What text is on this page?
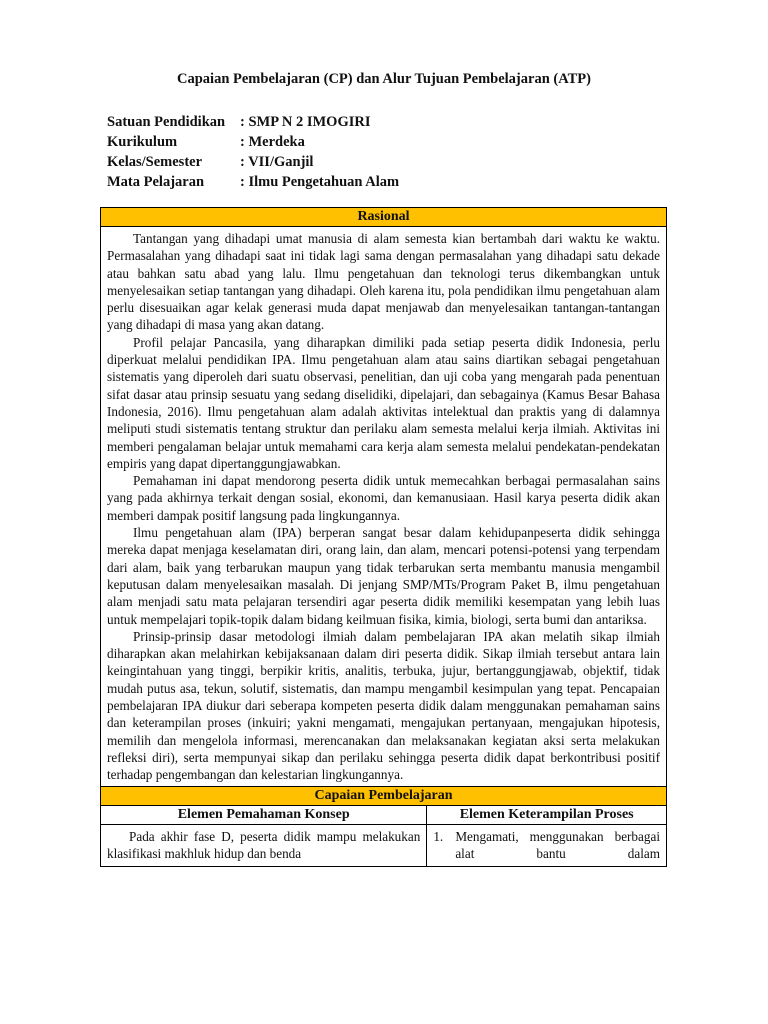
Capaian Pembelajaran (CP) dan Alur Tujuan Pembelajaran (ATP)
Satuan Pendidikan	: SMP N 2 IMOGIRI
Kurikulum	: Merdeka
Kelas/Semester	: VII/Ganjil
Mata Pelajaran	: Ilmu Pengetahuan Alam
Rasional	

Tantangan yang dihadapi umat manusia di alam semesta kian bertambah dari waktu ke waktu. Permasalahan yang dihadapi saat ini tidak lagi sama dengan permasalahan yang dihadapi satu dekade atau bahkan satu abad yang lalu. Ilmu pengetahuan dan teknologi terus dikembangkan untuk menyelesaikan setiap tantangan yang dihadapi. Oleh karena itu, pola pendidikan ilmu pengetahuan alam perlu disesuaikan agar kelak generasi muda dapat menjawab dan menyelesaikan tantangan-tantangan yang dihadapi di masa yang akan datang.

Profil pelajar Pancasila, yang diharapkan dimiliki pada setiap peserta didik Indonesia, perlu diperkuat melalui pendidikan IPA. Ilmu pengetahuan alam atau sains diartikan sebagai pengetahuan sistematis yang diperoleh dari suatu observasi, penelitian, dan uji coba yang mengarah pada penentuan sifat dasar atau prinsip sesuatu yang sedang diselidiki, dipelajari, dan sebagainya (Kamus Besar Bahasa Indonesia, 2016). Ilmu pengetahuan alam adalah aktivitas intelektual dan praktis yang di dalamnya meliputi studi sistematis tentang struktur dan perilaku alam semesta melalui kerja ilmiah. Aktivitas ini memberi pengalaman belajar untuk memahami cara kerja alam semesta melalui pendekatan-pendekatan empiris yang dapat dipertanggungjawabkan.

Pemahaman ini dapat mendorong peserta didik untuk memecahkan berbagai permasalahan sains yang pada akhirnya terkait dengan sosial, ekonomi, dan kemanusiaan. Hasil karya peserta didik akan memberi dampak positif langsung pada lingkungannya.

Ilmu pengetahuan alam (IPA) berperan sangat besar dalam kehidupanpeserta didik sehingga mereka dapat menjaga keselamatan diri, orang lain, dan alam, mencari potensi-potensi yang terpendam dari alam, baik yang terbarukan maupun yang tidak terbarukan serta membantu manusia mengambil keputusan dalam menyelesaikan masalah. Di jenjang SMP/MTs/Program Paket B, ilmu pengetahuan alam menjadi satu mata pelajaran tersendiri agar peserta didik memiliki kesempatan yang lebih luas untuk mempelajari topik-topik dalam bidang keilmuan fisika, kimia, biologi, serta bumi dan antariksa.

Prinsip-prinsip dasar metodologi ilmiah dalam pembelajaran IPA akan melatih sikap ilmiah diharapkan akan melahirkan kebijaksanaan dalam diri peserta didik. Sikap ilmiah tersebut antara lain keingintahuan yang tinggi, berpikir kritis, analitis, terbuka, jujur, bertanggungjawab, objektif, tidak mudah putus asa, tekun, solutif, sistematis, dan mampu mengambil kesimpulan yang tepat. Pencapaian pembelajaran IPA diukur dari seberapa kompeten peserta didik dalam menggunakan pemahaman sains dan keterampilan proses (inkuiri; yakni mengamati, mengajukan pertanyaan, mengajukan hipotesis, memilih dan mengelola informasi, merencanakan dan melaksanakan kegiatan aksi serta melakukan refleksi diri), serta mempunyai sikap dan perilaku sehingga peserta didik dapat berkontribusi positif terhadap pengembangan dan kelestarian lingkungannya.	

Capaian Pembelajaran	
Elemen Pemahaman Konsep	Elemen Keterampilan Proses

Pada akhir fase D, peserta didik mampu melakukan klasifikasi makhluk hidup dan benda	1. Mengamati, menggunakan berbagai alat bantu dalam
